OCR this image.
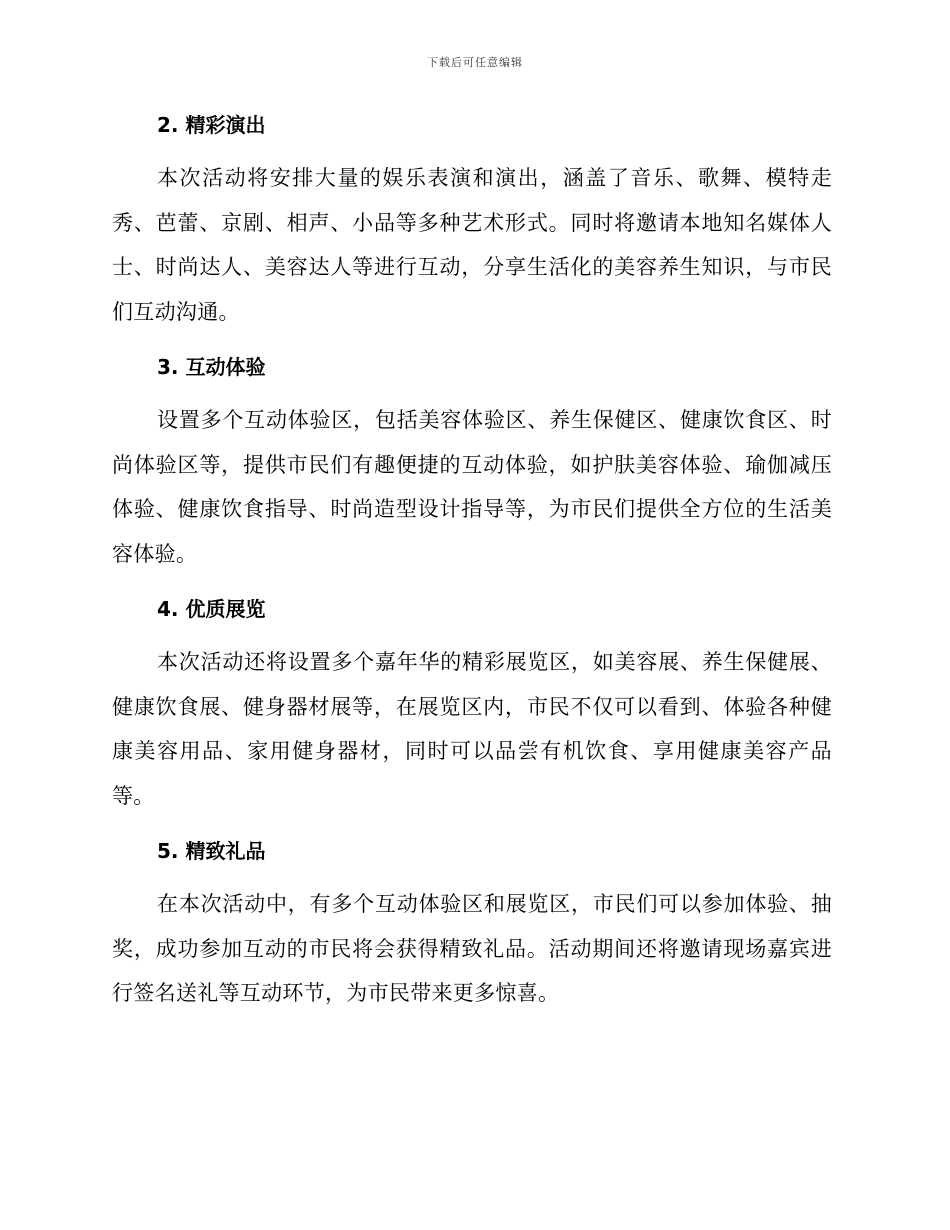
下载后可任意编辑
2. 精彩演出

本次活动将安排大量的娱乐表演和演出，涵盖了音乐、歌舞、模特走秀、芭蕾、京剧、相声、小品等多种艺术形式。同时将邀请本地知名媒体人士、时尚达人、美容达人等进行互动，分享生活化的美容养生知识，与市民们互动沟通。

3. 互动体验

设置多个互动体验区，包括美容体验区、养生保健区、健康饮食区、时尚体验区等，提供市民们有趣便捷的互动体验，如护肤美容体验、瑜伽减压体验、健康饮食指导、时尚造型设计指导等，为市民们提供全方位的生活美容体验。

4. 优质展览

本次活动还将设置多个嘉年华的精彩展览区，如美容展、养生保健展、健康饮食展、健身器材展等，在展览区内，市民不仅可以看到、体验各种健康美容用品、家用健身器材，同时可以品尝有机饮食、享用健康美容产品等。

5. 精致礼品

在本次活动中，有多个互动体验区和展览区，市民们可以参加体验、抽奖，成功参加互动的市民将会获得精致礼品。活动期间还将邀请现场嘉宾进行签名送礼等互动环节，为市民带来更多惊喜。
